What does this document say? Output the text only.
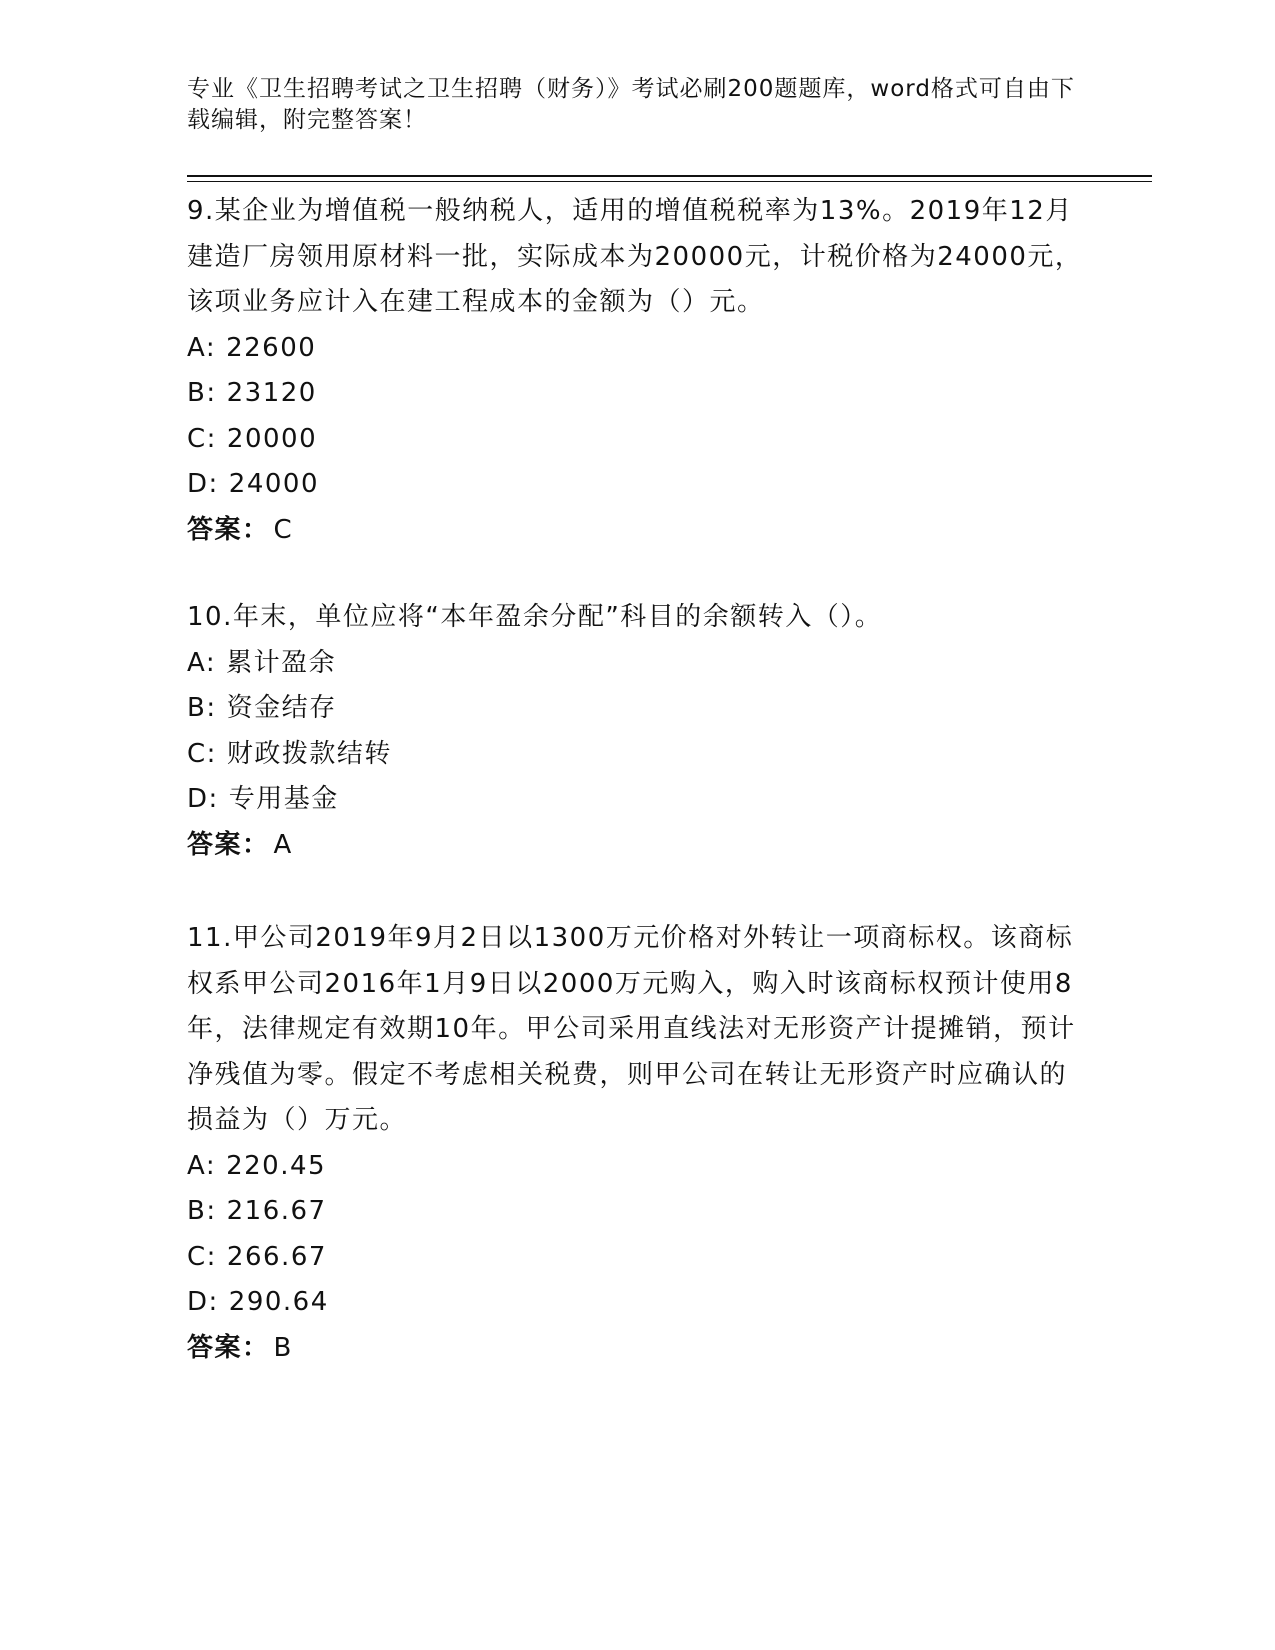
专业《卫生招聘考试之卫生招聘（财务）》考试必刷200题题库，word格式可自由下载编辑，附完整答案！

9.某企业为增值税一般纳税人，适用的增值税税率为13%。2019年12月建造厂房领用原材料一批，实际成本为20000元，计税价格为24000元，该项业务应计入在建工程成本的金额为（）元。

A: 22600

B: 23120

C: 20000

D: 24000

答案： C

10.年末，单位应将“本年盈余分配”科目的余额转入（）。

A: 累计盈余

B: 资金结存

C: 财政拨款结转

D: 专用基金

答案： A

11.甲公司2019年9月2日以1300万元价格对外转让一项商标权。该商标权系甲公司2016年1月9日以2000万元购入，购入时该商标权预计使用8年，法律规定有效期10年。甲公司采用直线法对无形资产计提摊销，预计净残值为零。假定不考虑相关税费，则甲公司在转让无形资产时应确认的损益为（）万元。

A: 220.45

B: 216.67

C: 266.67

D: 290.64

答案： B
